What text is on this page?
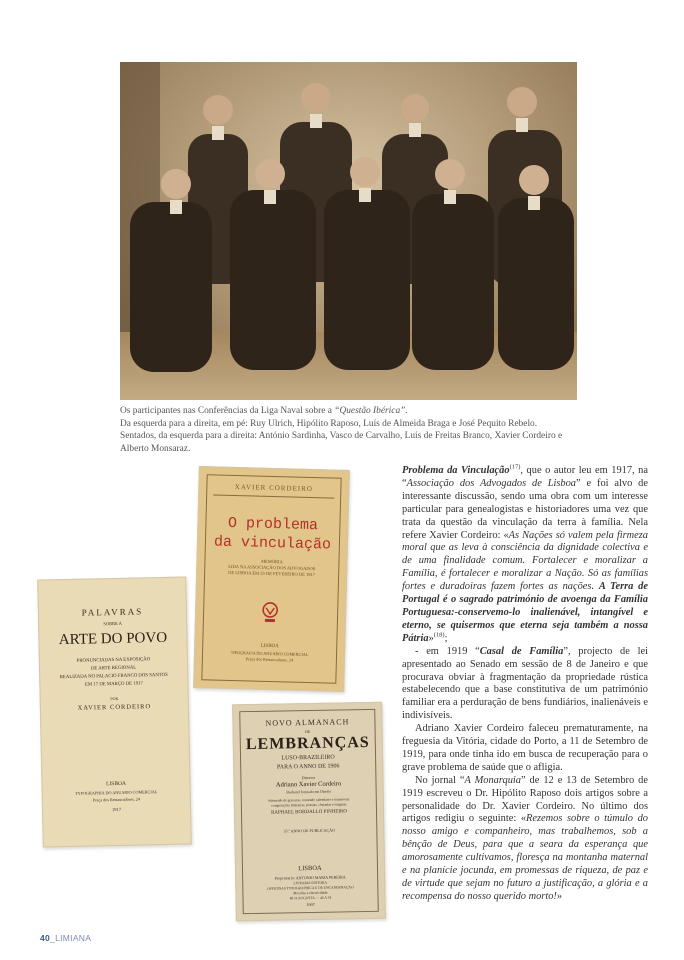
Os participantes nas Conferências da Liga Naval sobre a “Questão Ibérica”.

Da esquerda para a direita, em pé: Ruy Ulrich, Hipólito Raposo, Luís de Almeida Braga e José Pequito Rebelo.

Sentados, da esquerda para a direita: António Sardinha, Vasco de Carvalho, Luís de Freitas Branco, Xavier Cordeiro e Alberto Monsaraz.

XAVIER CORDEIRO
O problema
da vinculação
MEMÓRIA
LIDA NA ASSOCIAÇÃO DOS ADVOGADOS
DE LISBOA EM 25 DE FEVEREIRO DE 1917
LISBOA
TIPOGRAFIA DO ANUARIO COMERCIAL
Praça dos Restauradores, 24
PALAVRAS
SOBRE A
ARTE DO POVO
PRONUNCIADAS NA EXPOSIÇÃO
DE ARTE REGIONAL
REALIZADA NO PALACIO FRANCO DOS SANTOS
EM 17 DE MARÇO DE 1917
POR
XAVIER CORDEIRO
LISBOA
TYPOGRAPHIA DO ANUARIO COMERCIAL
Praça dos Restauradores, 24
1917
NOVO ALMANACH
DE
LEMBRANÇAS
LUSO-BRAZILEIRO
PARA O ANNO DE 1906
Director
Adriano Xavier Cordeiro
Bacharel formado em Direito
Adornado de gravuras, contendo calendario e numerosas
composições litterarias, poesias, charadas e enigmas
RAPHAEL BORDALLO PINHEIRO
35.º ANNO DE PUBLICAÇÃO
LISBOA
Proprietario: ANTONIO MARIA PEREIRA
LIVRARIA EDITORA
OFFICINAS TYPOGRAPHICA E DE ENCADERNAÇÃO
Movidas a electricidade
RUA AUGUSTA — 44 A 54
1907

Problema da Vinculação$^{(17)}$, que o autor leu em 1917, na “Associação dos Advogados de Lisboa” e foi alvo de interessante discussão, sendo uma obra com um interesse particular para genealogistas e historiadores uma vez que trata da questão da vinculação da terra à família. Nela refere Xavier Cordeiro: «As Nações só valem pela firmeza moral que as leva à consciência da dignidade colectiva e de uma finalidade comum. Fortalecer e moralizar a Família, é fortalecer e moralizar a Nação. Só as famílias fortes e duradoiras fazem fortes as nações. A Terra de Portugal é o sagrado património de avoenga da Família Portuguesa:-conservemo-lo inalienável, intangível e eterno, se quisermos que eterna seja também a nossa Pátria»$^{(18)}$;

- em 1919 “Casal de Família”, projecto de lei apresentado ao Senado em sessão de 8 de Janeiro e que procurava obviar à fragmentação da propriedade rústica estabelecendo que a base constitutiva de um património familiar era a perduração de bens fundiários, inalienáveis e indivisíveis.

Adriano Xavier Cordeiro faleceu prematuramente, na freguesia da Vitória, cidade do Porto, a 11 de Setembro de 1919, para onde tinha ido em busca de recuperação para o grave problema de saúde que o afligia.

No jornal “A Monarquia” de 12 e 13 de Setembro de 1919 escreveu o Dr. Hipólito Raposo dois artigos sobre a personalidade do Dr. Xavier Cordeiro. No último dos artigos redigiu o seguinte: «Rezemos sobre o túmulo do nosso amigo e companheiro, mas trabalhemos, sob a bênção de Deus, para que a seara da esperança que amorosamente cultivamos, floresça na montanha maternal e na planície jocunda, em promessas de riqueza, de paz e de virtude que sejam no futuro a justificação, a glória e a recompensa do nosso querido morto!»

40_LIMIANA
